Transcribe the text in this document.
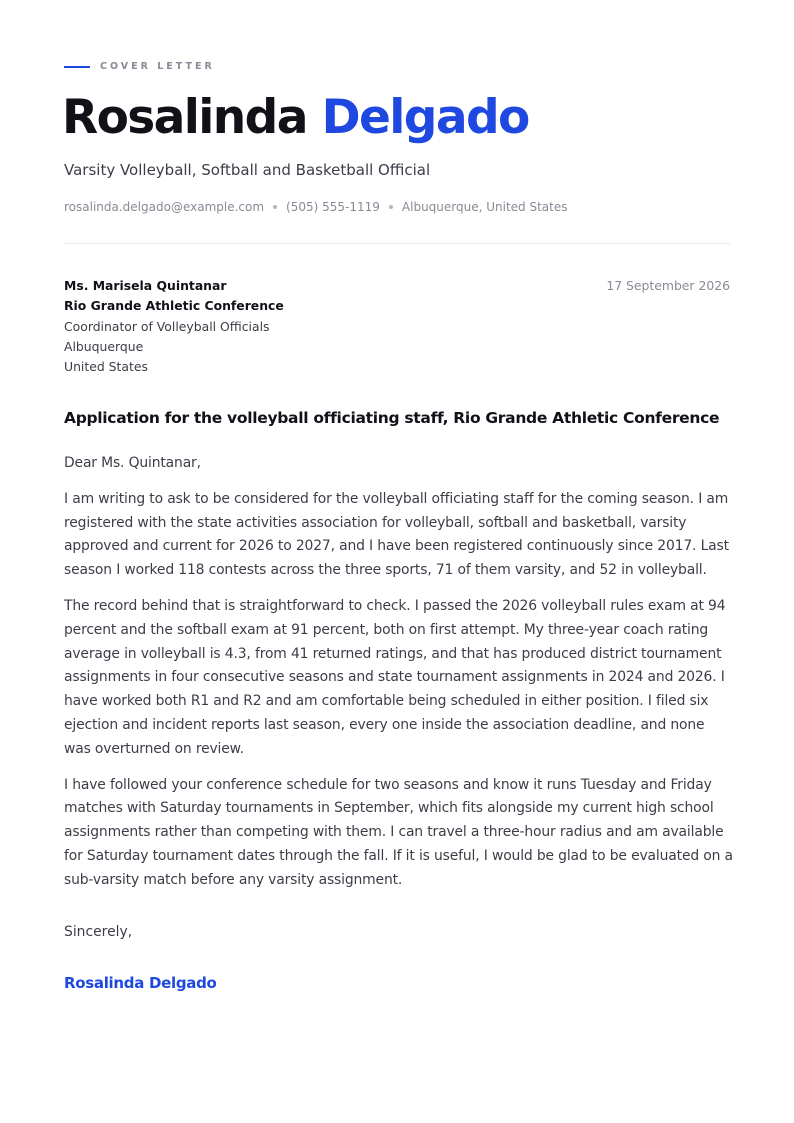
COVER LETTER
Rosalinda Delgado
Varsity Volleyball, Softball and Basketball Official
rosalinda.delgado@example.com (505) 555-1119 Albuquerque, United States
Ms. Marisela Quintanar
Rio Grande Athletic Conference
Coordinator of Volleyball Officials
Albuquerque
United States
17 September 2026
Application for the volleyball officiating staff, Rio Grande Athletic Conference

Dear Ms. Quintanar,

I am writing to ask to be considered for the volleyball officiating staff for the coming season. I am registered with the state activities association for volleyball, softball and basketball, varsity approved and current for 2026 to 2027, and I have been registered continuously since 2017. Last season I worked 118 contests across the three sports, 71 of them varsity, and 52 in volleyball.

The record behind that is straightforward to check. I passed the 2026 volleyball rules exam at 94 percent and the softball exam at 91 percent, both on first attempt. My three-year coach rating average in volleyball is 4.3, from 41 returned ratings, and that has produced district tournament assignments in four consecutive seasons and state tournament assignments in 2024 and 2026. I have worked both R1 and R2 and am comfortable being scheduled in either position. I filed six ejection and incident reports last season, every one inside the association deadline, and none was overturned on review.

I have followed your conference schedule for two seasons and know it runs Tuesday and Friday matches with Saturday tournaments in September, which fits alongside my current high school assignments rather than competing with them. I can travel a three-hour radius and am available for Saturday tournament dates through the fall. If it is useful, I would be glad to be evaluated on a sub-varsity match before any varsity assignment.

Sincerely,
Rosalinda Delgado
